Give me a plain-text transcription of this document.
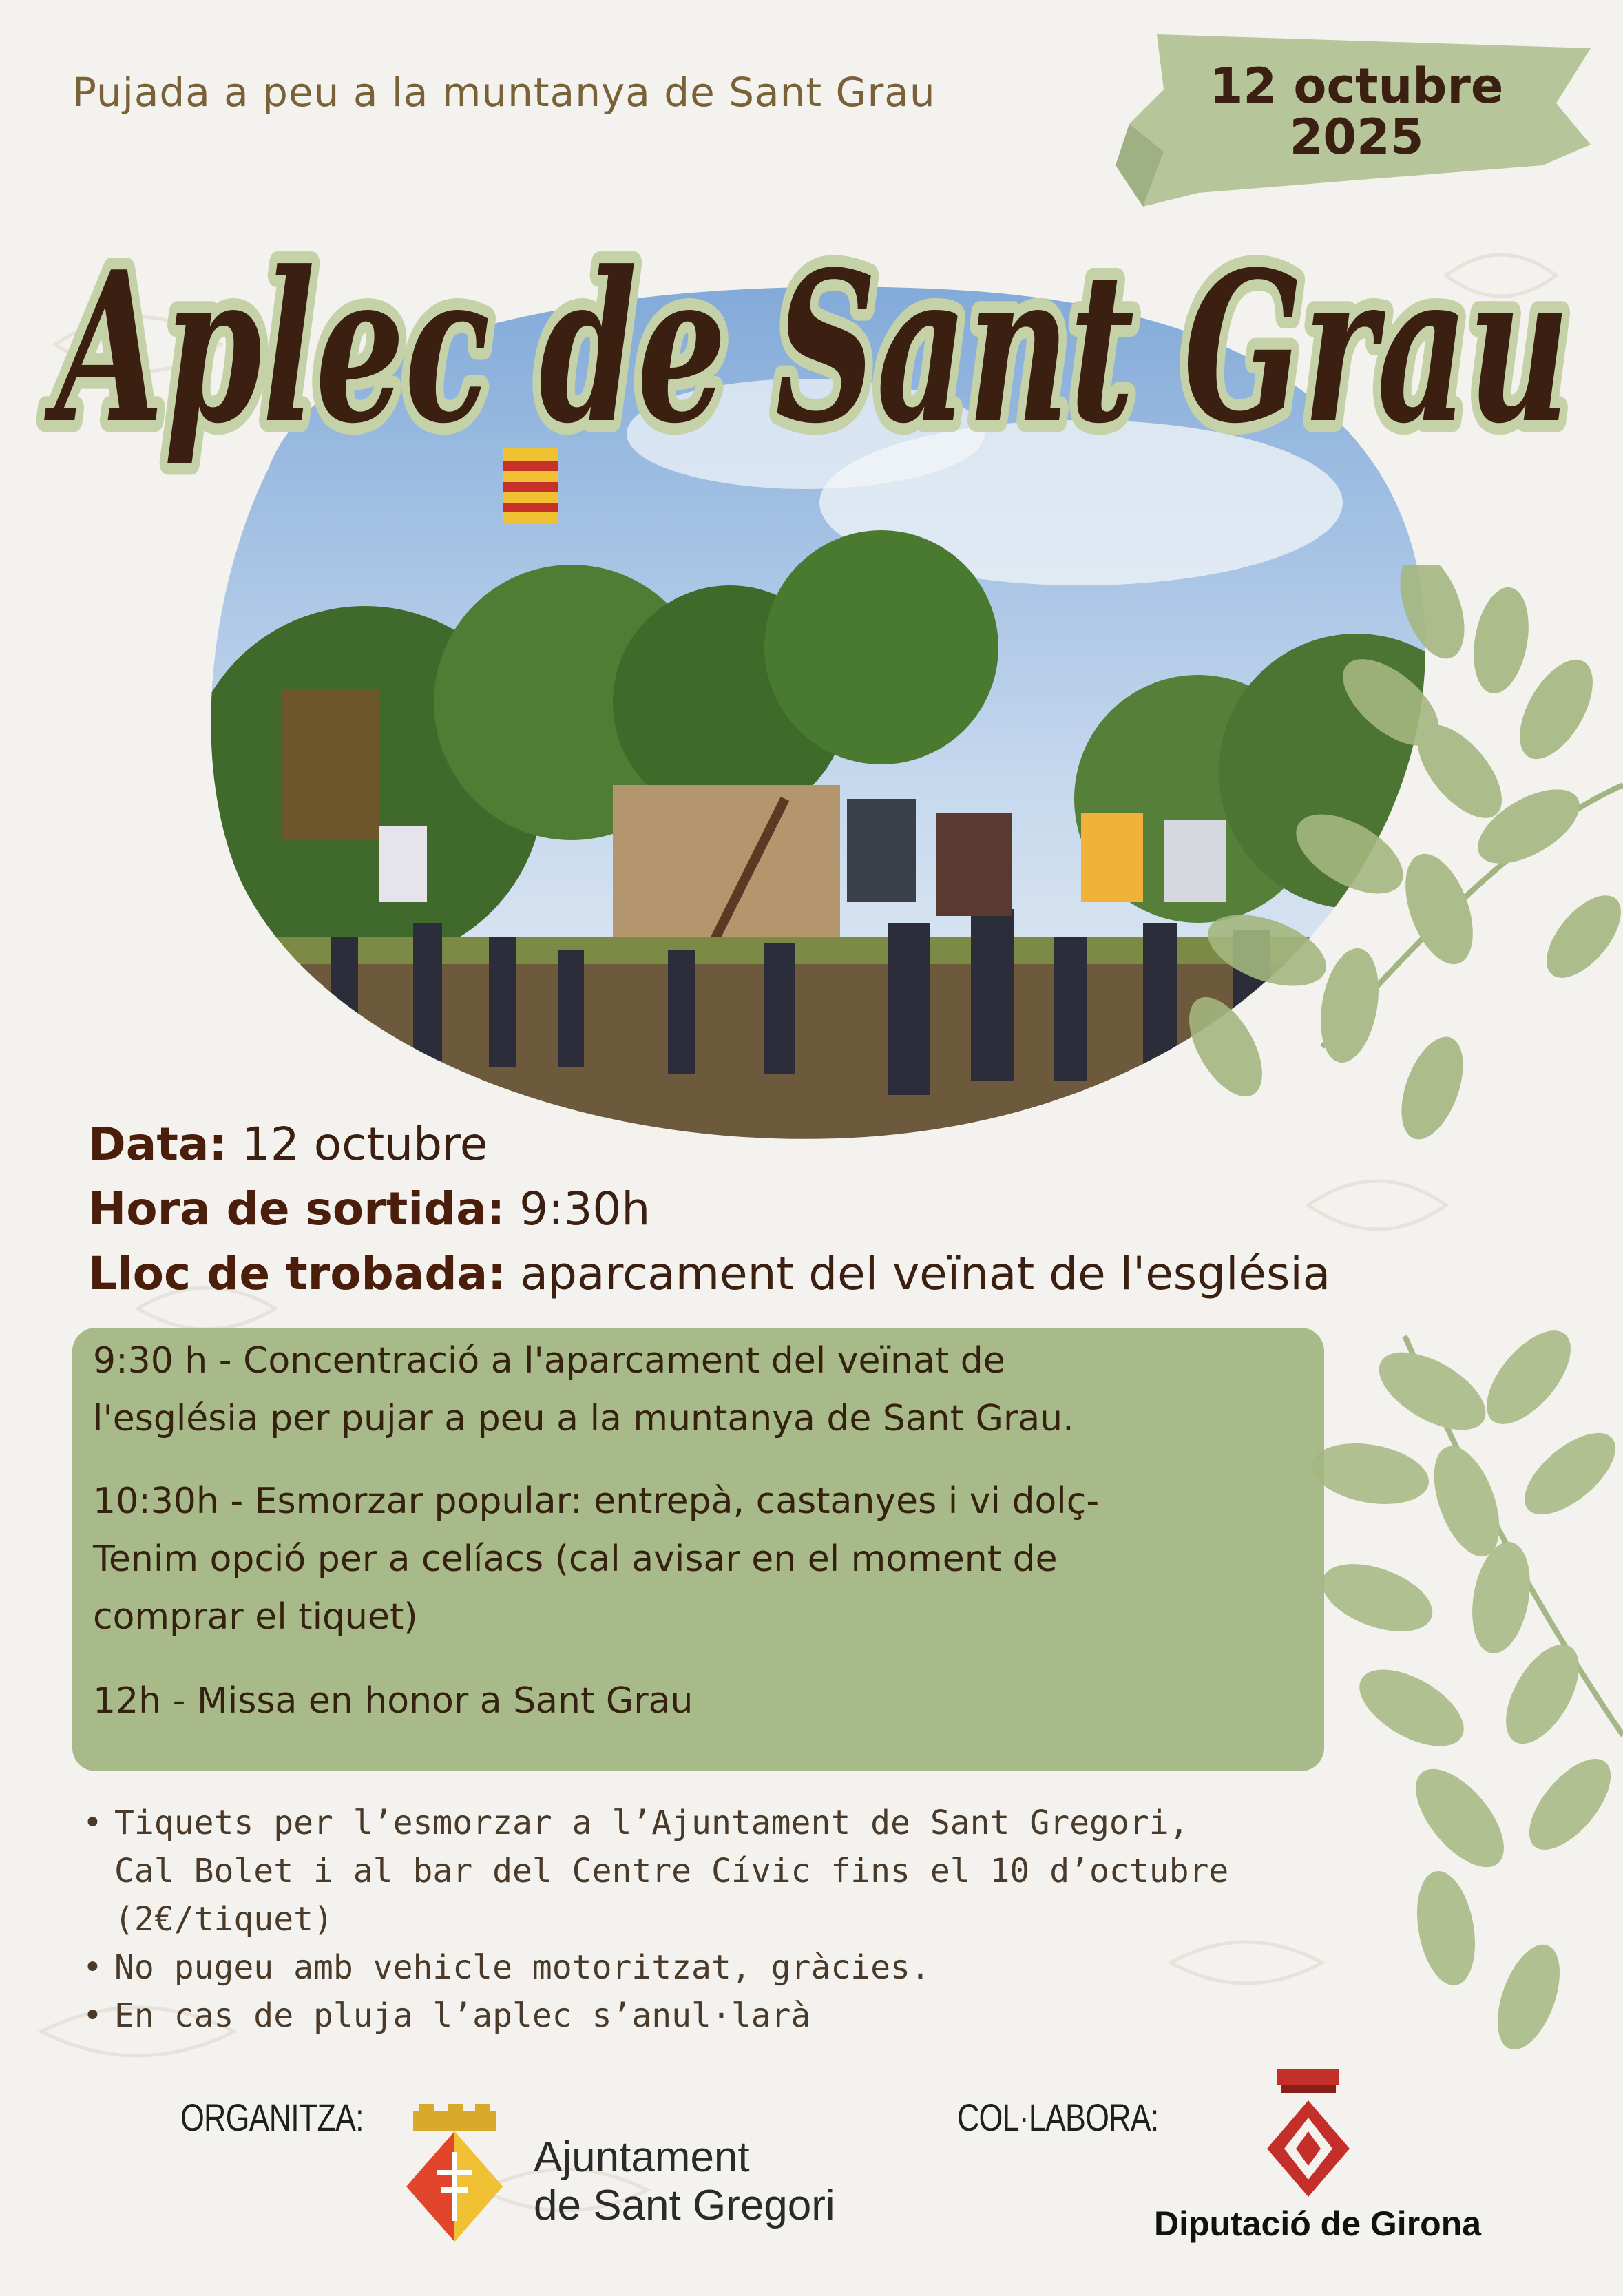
Pujada a peu a la muntanya de Sant Grau	12 octubre
2025
Aplec de Sant Grau
Data: 12 octubre
Hora de sortida: 9:30h
Lloc de trobada: aparcament del veïnat de l'església
9:30 h - Concentració a l'aparcament del veïnat de
l'església per pujar a peu a la muntanya de Sant Grau.
10:30h - Esmorzar popular: entrepà, castanyes i vi dolç-
Tenim opció per a celíacs (cal avisar en el moment de
comprar el tiquet)
12h - Missa en honor a Sant Grau
• Tiquets per l’esmorzar a l’Ajuntament de Sant Gregori,
Cal Bolet i al bar del Centre Cívic fins el 10 d’octubre
(2€/tiquet)
• No pugeu amb vehicle motoritzat, gràcies.
• En cas de pluja l’aplec s’anul·larà
ORGANITZA:
Ajuntament
de Sant Gregori
COL·LABORA:
Diputació de Girona
